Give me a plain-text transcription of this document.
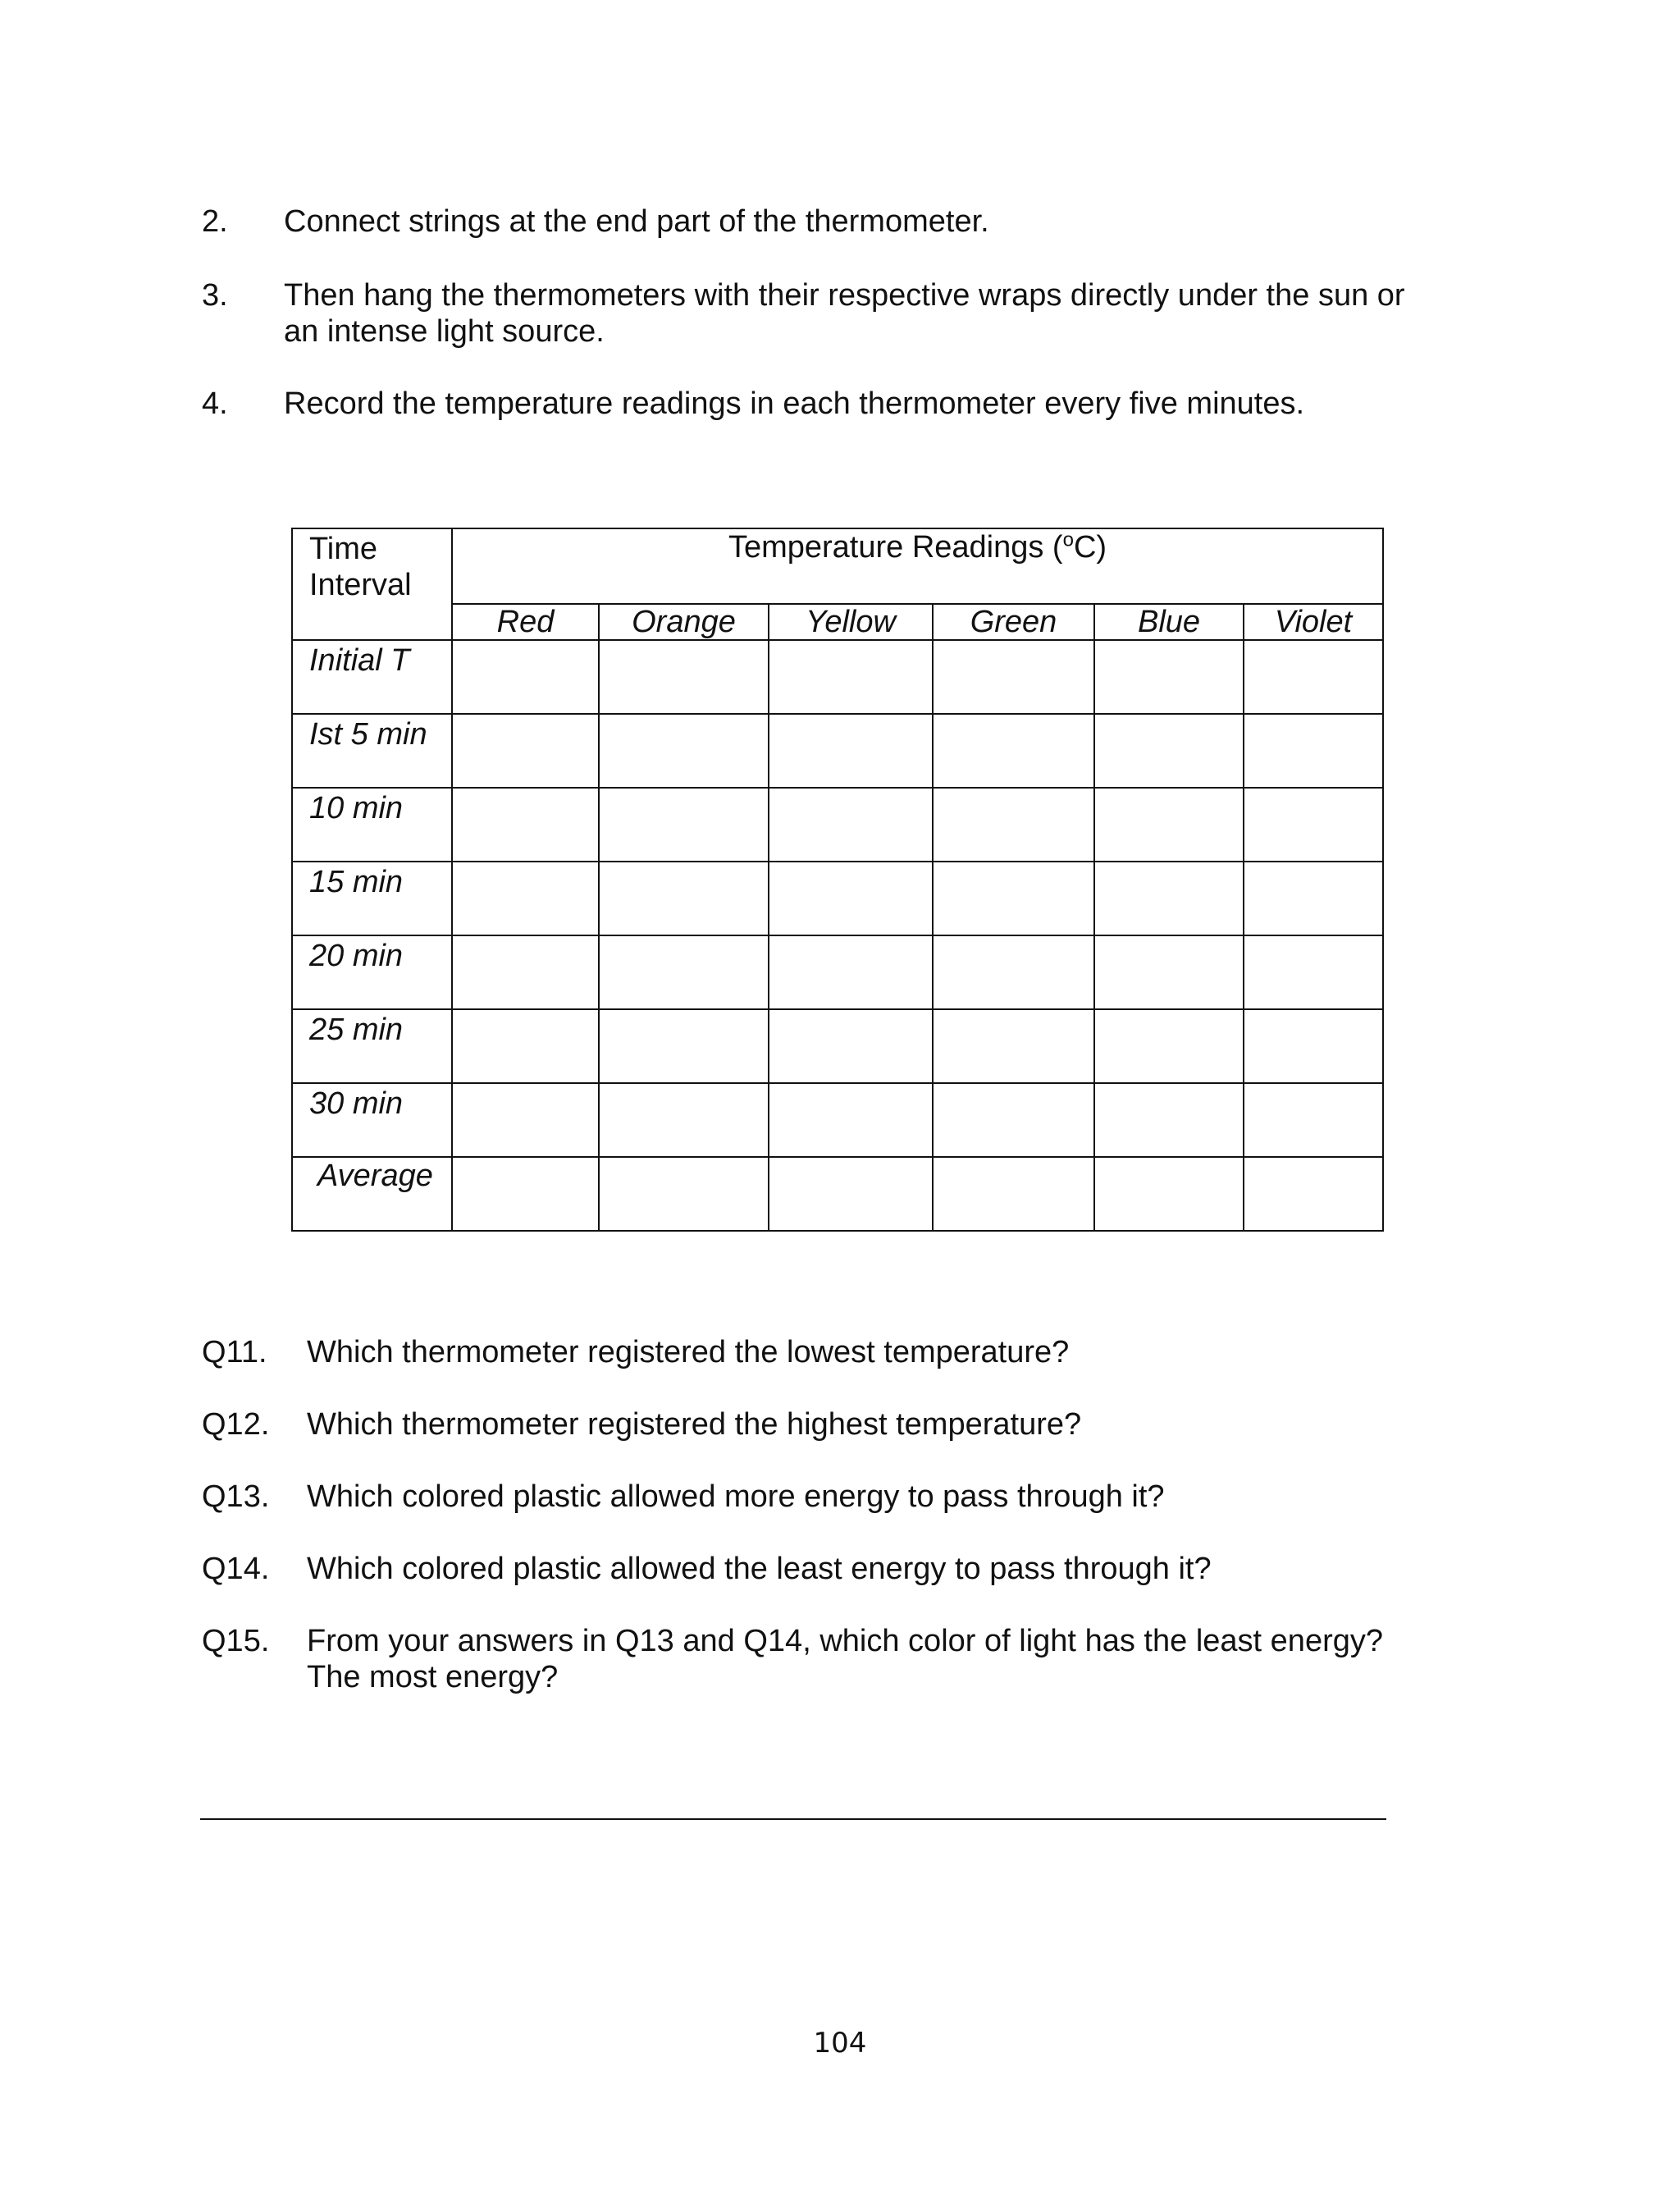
2. Connect strings at the end part of the thermometer.
3. Then hang the thermometers with their respective wraps directly under the sun or an intense light source.
4. Record the temperature readings in each thermometer every five minutes.
Time
Interval	Temperature Readings ($^o$C)					
	Red	Orange	Yellow	Green	Blue	Violet
Initial T						
Ist 5 min						
10 min						
15 min						
20 min						
25 min						
30 min						
Average						
Q11. Which thermometer registered the lowest temperature?
Q12. Which thermometer registered the highest temperature?
Q13. Which colored plastic allowed more energy to pass through it?
Q14. Which colored plastic allowed the least energy to pass through it?
Q15. From your answers in Q13 and Q14, which color of light has the least energy? The most energy?
104
